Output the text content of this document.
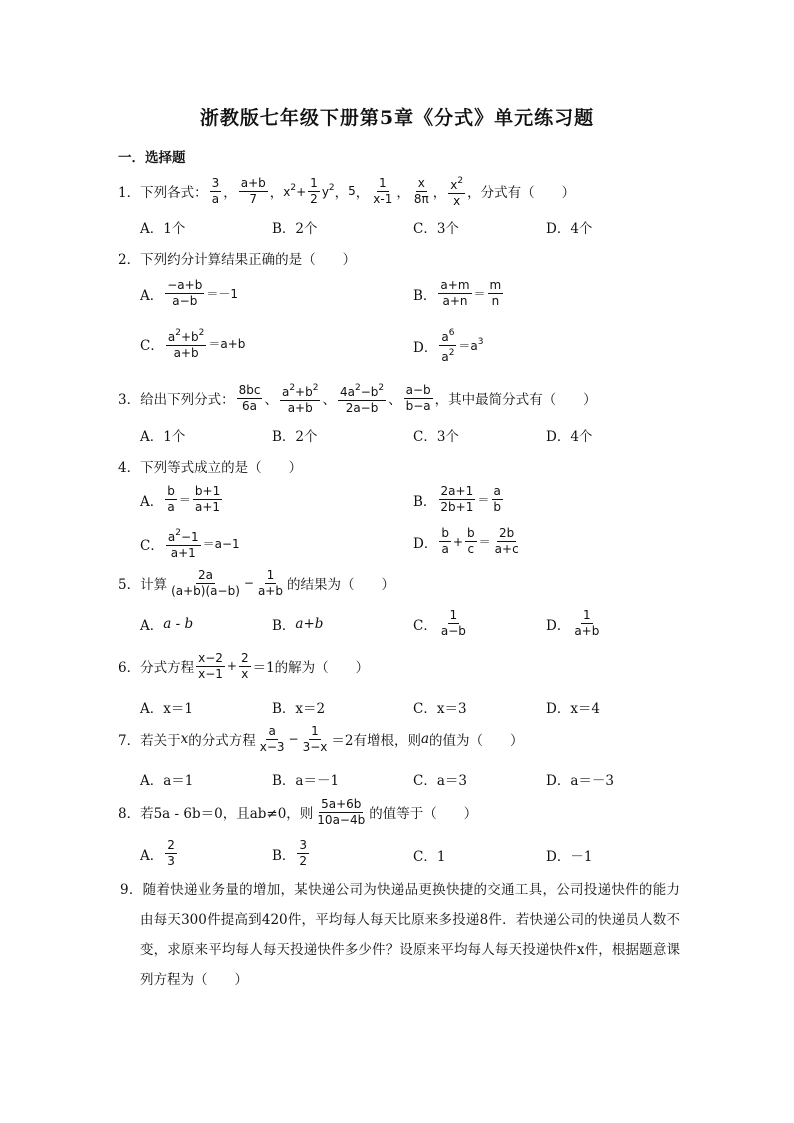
浙教版七年级下册第5章《分式》单元练习题
一．选择题
1． 下列各式： $\frac{3}{a}$ ， $\frac{a+b}{7}$ ， $x^2+ \frac{1}{2} y^2$ ， 5 ， $\frac{1}{x-1}$ ， $\frac{x}{8\pi}$ ， $\frac{x^2}{x}$ ，分式有（　　）
A．1个	B．2个	C．3个	D．4个
2．下列约分计算结果正确的是（　　）
A． $\frac{-a+b}{a-b} =-1$	B． $\frac{a+m}{a+n} = \frac{m}{n}$
C． $\frac{a^2+b^2}{a+b} =a+b$	D． $\frac{a^6}{a^2} =a^3$
3． 给出下列分式： $\frac{8bc}{6a}$ 、 $\frac{a^2+b^2}{a+b}$ 、 $\frac{4a^2-b^2}{2a-b}$ 、 $\frac{a-b}{b-a}$ ，其中最简分式有（　　）
A．1个	B．2个	C．3个	D．4个
4．下列等式成立的是（　　）
A． $\frac{b}{a} = \frac{b+1}{a+1}$	B． $\frac{2a+1}{2b+1} = \frac{a}{b}$
C． $\frac{a^2-1}{a+1} =a-1$	D． $\frac{b}{a} + \frac{b}{c} = \frac{2b}{a+c}$
5． 计算 $\frac{2a}{(a+b)(a-b)} - \frac{1}{a+b}$ 的结果为（　　）
A． a - b	B． a+b	C． $\frac{1}{a-b}$	D． $\frac{1}{a+b}$
6． 分式方程 $\frac{x-2}{x-1} + \frac{2}{x} =1$的解为（　　）
A．x＝1	B．x＝2	C．x＝3	D．x＝4
7． 若关于 x 的分式方程 $\frac{a}{x-3} - \frac{1}{3-x} =2$有增根，则 a 的值为（　　）
A．a＝1	B．a＝－1	C．a＝3	D．a＝－3
8． 若5a - 6b＝0，且ab≠0，则 $\frac{5a+6b}{10a-4b}$ 的值等于（　　）
A． $\frac{2}{3}$	B． $\frac{3}{2}$	C．1	D．－1
9．随着快递业务量的增加，某快递公司为快递品更换快捷的交通工具，公司投递快件的能力由每天300件提高到420件，平均每人每天比原来多投递8件．若快递公司的快递员人数不变，求原来平均每人每天投递快件多少件？设原来平均每人每天投递快件x件，根据题意课列方程为（　　）
